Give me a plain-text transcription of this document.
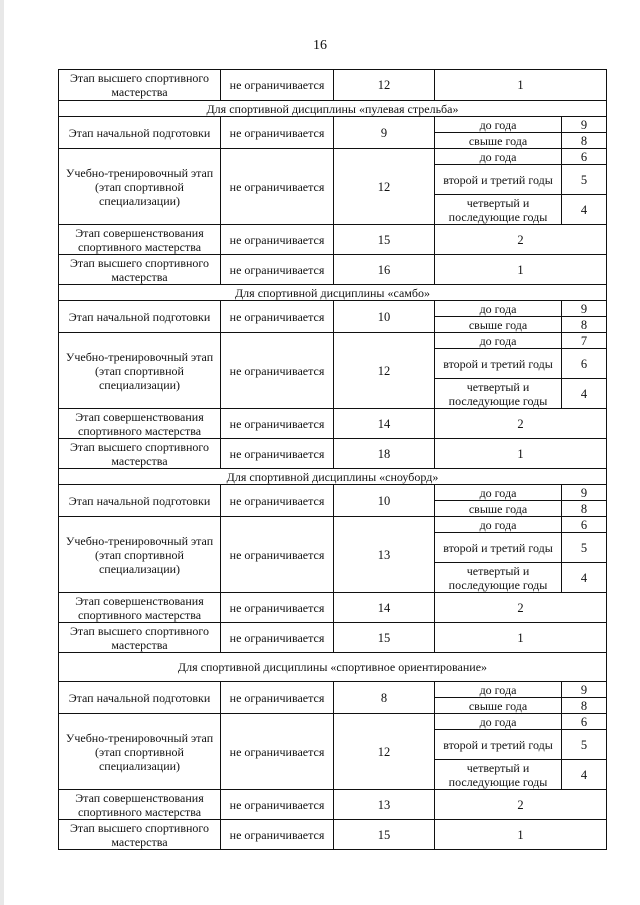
16
Этап высшего спортивного мастерства	не ограничивается	12	1	
Для спортивной дисциплины «пулевая стрельба»				
Этап начальной подготовки	не ограничивается	9	до года	9
			свыше года	8
Учебно-тренировочный этап (этап спортивной специализации)	не ограничивается	12	до года	6
			второй и третий годы	5
			четвертый и последующие годы	4
Этап совершенствования спортивного мастерства	не ограничивается	15	2	
Этап высшего спортивного мастерства	не ограничивается	16	1	
Для спортивной дисциплины «самбо»				
Этап начальной подготовки	не ограничивается	10	до года	9
			свыше года	8
Учебно-тренировочный этап (этап спортивной специализации)	не ограничивается	12	до года	7
			второй и третий годы	6
			четвертый и последующие годы	4
Этап совершенствования спортивного мастерства	не ограничивается	14	2	
Этап высшего спортивного мастерства	не ограничивается	18	1	
Для спортивной дисциплины «сноуборд»				
Этап начальной подготовки	не ограничивается	10	до года	9
			свыше года	8
Учебно-тренировочный этап (этап спортивной специализации)	не ограничивается	13	до года	6
			второй и третий годы	5
			четвертый и последующие годы	4
Этап совершенствования спортивного мастерства	не ограничивается	14	2	
Этап высшего спортивного мастерства	не ограничивается	15	1	
Для спортивной дисциплины «спортивное ориентирование»				
Этап начальной подготовки	не ограничивается	8	до года	9
			свыше года	8
Учебно-тренировочный этап (этап спортивной специализации)	не ограничивается	12	до года	6
			второй и третий годы	5
			четвертый и последующие годы	4
Этап совершенствования спортивного мастерства	не ограничивается	13	2	
Этап высшего спортивного мастерства	не ограничивается	15	1	
